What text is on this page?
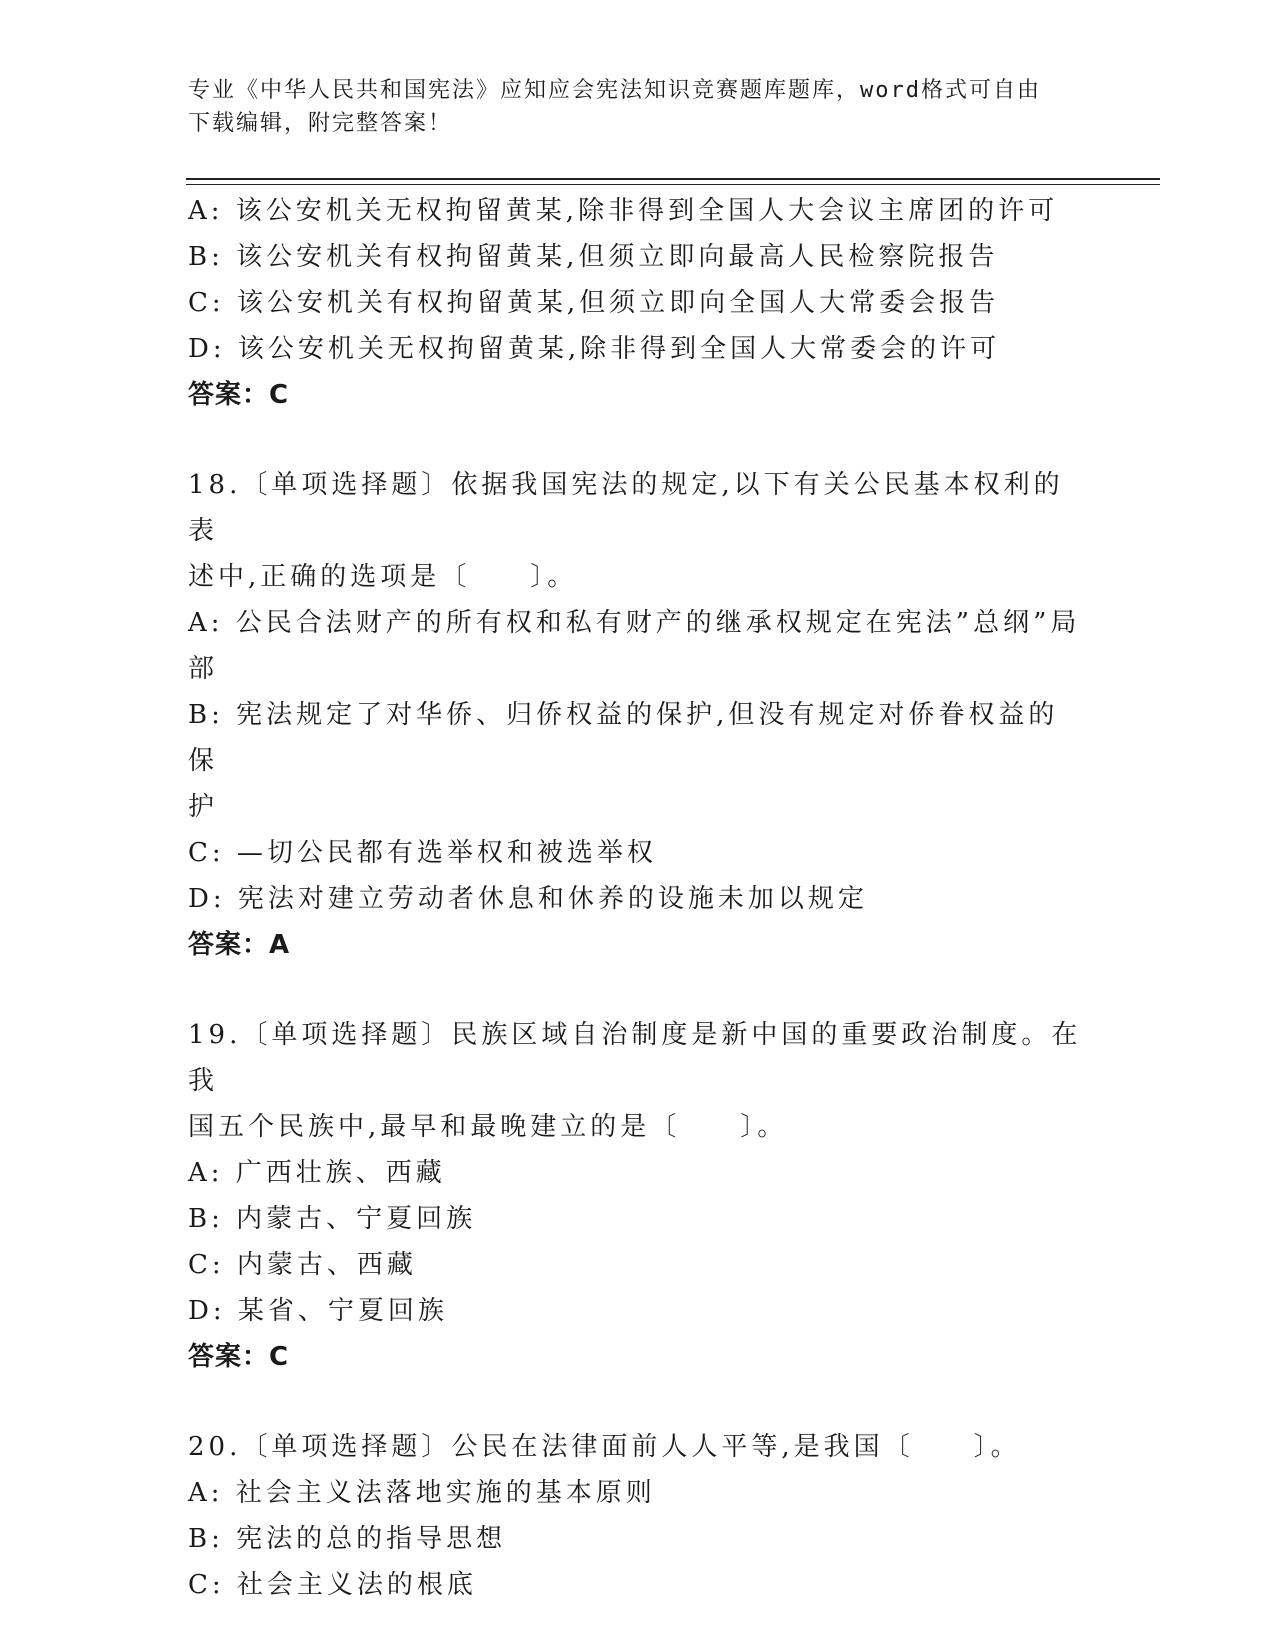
专业《中华人民共和国宪法》应知应会宪法知识竞赛题库题库，word格式可自由
下载编辑，附完整答案！
A: 该公安机关无权拘留黄某,除非得到全国人大会议主席团的许可
B: 该公安机关有权拘留黄某,但须立即向最高人民检察院报告
C: 该公安机关有权拘留黄某,但须立即向全国人大常委会报告
D: 该公安机关无权拘留黄某,除非得到全国人大常委会的许可
答案：C
18.〔单项选择题〕依据我国宪法的规定,以下有关公民基本权利的表
述中,正确的选项是〔　　〕。
A: 公民合法财产的所有权和私有财产的继承权规定在宪法”总纲”局
部
B: 宪法规定了对华侨、归侨权益的保护,但没有规定对侨眷权益的保
护
C: —切公民都有选举权和被选举权
D: 宪法对建立劳动者休息和休养的设施未加以规定
答案：A
19.〔单项选择题〕民族区域自治制度是新中国的重要政治制度。在我
国五个民族中,最早和最晚建立的是〔　　〕。
A: 广西壮族、西藏
B: 内蒙古、宁夏回族
C: 内蒙古、西藏
D: 某省、宁夏回族
答案：C
20.〔单项选择题〕公民在法律面前人人平等,是我国〔　　〕。
A: 社会主义法落地实施的基本原则
B: 宪法的总的指导思想
C: 社会主义法的根底
